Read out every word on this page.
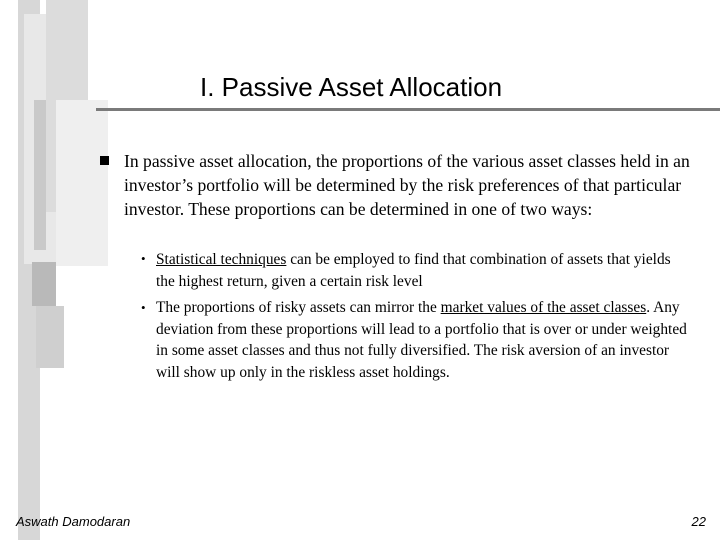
I. Passive Asset Allocation

In passive asset allocation, the proportions of the various asset classes held in an investor’s portfolio will be determined by the risk preferences of that particular investor. These proportions can be determined in one of two ways:

• Statistical techniques can be employed to find that combination of assets that yields the highest return, given a certain risk level

• The proportions of risky assets can mirror the market values of the asset classes. Any deviation from these proportions will lead to a portfolio that is over or under weighted in some asset classes and thus not fully diversified. The risk aversion of an investor will show up only in the riskless asset holdings.

Aswath Damodaran	22
